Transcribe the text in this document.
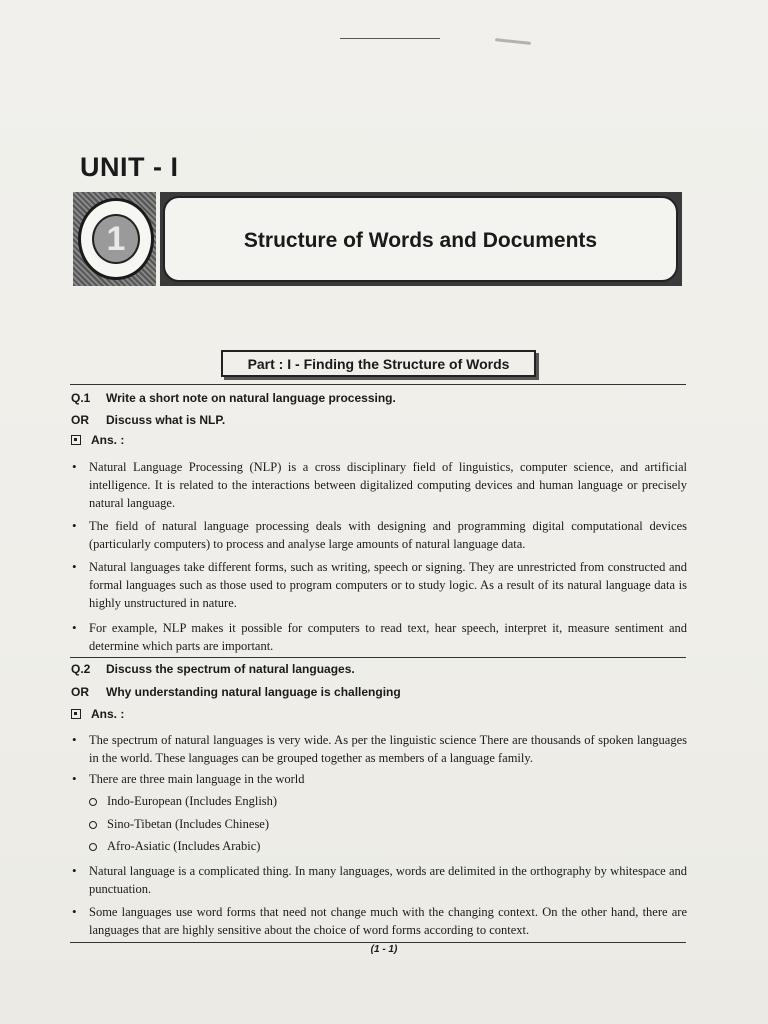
UNIT - I
1	Structure of Words and Documents
Part : I - Finding the Structure of Words
Q.1 Write a short note on natural language processing.
OR Discuss what is NLP.
Ans. :
• Natural Language Processing (NLP) is a cross disciplinary field of linguistics, computer science, and artificial intelligence. It is related to the interactions between digitalized computing devices and human language or precisely natural language.
• The field of natural language processing deals with designing and programming digital computational devices (particularly computers) to process and analyse large amounts of natural language data.
• Natural languages take different forms, such as writing, speech or signing. They are unrestricted from constructed and formal languages such as those used to program computers or to study logic. As a result of its natural language data is highly unstructured in nature.
• For example, NLP makes it possible for computers to read text, hear speech, interpret it, measure sentiment and determine which parts are important.
Q.2 Discuss the spectrum of natural languages.
OR Why understanding natural language is challenging
Ans. :
• The spectrum of natural languages is very wide. As per the linguistic science There are thousands of spoken languages in the world. These languages can be grouped together as members of a language family.
• There are three main language in the world
Indo-European (Includes English)
Sino-Tibetan (Includes Chinese)
Afro-Asiatic (Includes Arabic)
• Natural language is a complicated thing. In many languages, words are delimited in the orthography by whitespace and punctuation.
• Some languages use word forms that need not change much with the changing context. On the other hand, there are languages that are highly sensitive about the choice of word forms according to context.
(1 - 1)
